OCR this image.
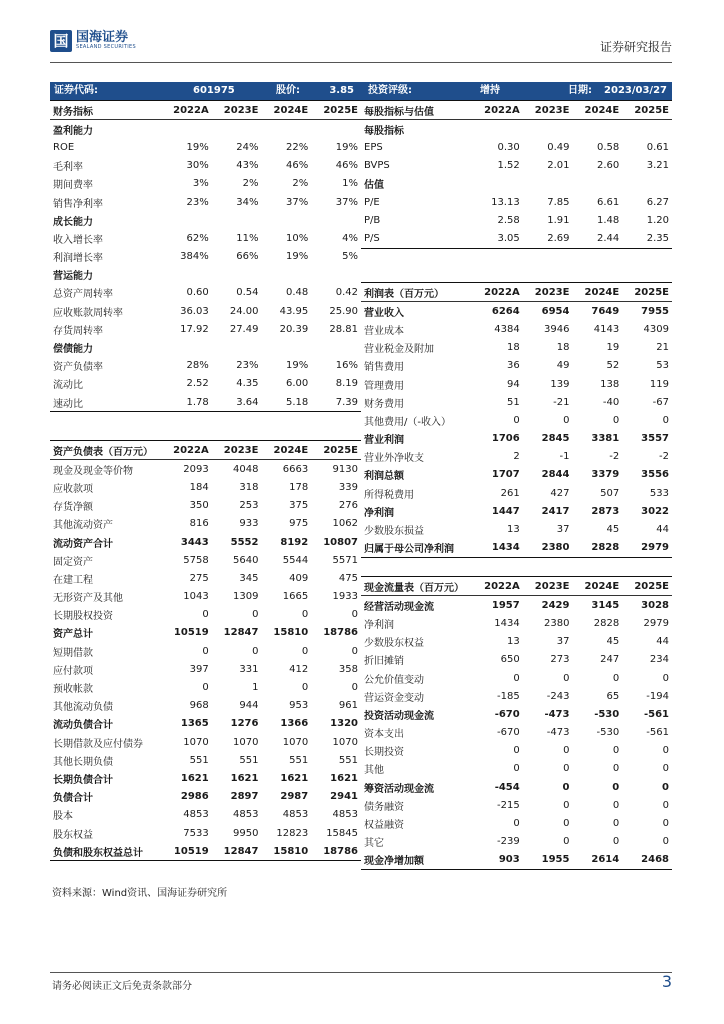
国 国海证券
SEALAND SECURITIES	证券研究报告
证券代码:	601975	股价:	3.85 投资评级:	增持	日期: 2023/03/27
财务指标	2022A	2023E	2024E	2025E
盈利能力				
ROE	19%	24%	22%	19%
毛利率	30%	43%	46%	46%
期间费率	3%	2%	2%	1%
销售净利率	23%	34%	37%	37%
成长能力				
收入增长率	62%	11%	10%	4%
利润增长率	384%	66%	19%	5%
营运能力				
总资产周转率	0.60	0.54	0.48	0.42
应收账款周转率	36.03	24.00	43.95	25.90
存货周转率	17.92	27.49	20.39	28.81
偿债能力				
资产负债率	28%	23%	19%	16%
流动比	2.52	4.35	6.00	8.19
速动比	1.78	3.64	5.18	7.39
资产负债表（百万元）	2022A	2023E	2024E	2025E
现金及现金等价物	2093	4048	6663	9130
应收款项	184	318	178	339
存货净额	350	253	375	276
其他流动资产	816	933	975	1062
流动资产合计	3443	5552	8192	10807
固定资产	5758	5640	5544	5571
在建工程	275	345	409	475
无形资产及其他	1043	1309	1665	1933
长期股权投资	0	0	0	0
资产总计	10519	12847	15810	18786
短期借款	0	0	0	0
应付款项	397	331	412	358
预收帐款	0	1	0	0
其他流动负债	968	944	953	961
流动负债合计	1365	1276	1366	1320
长期借款及应付债券	1070	1070	1070	1070
其他长期负债	551	551	551	551
长期负债合计	1621	1621	1621	1621
负债合计	2986	2897	2987	2941
股本	4853	4853	4853	4853
股东权益	7533	9950	12823	15845
负债和股东权益总计	10519	12847	15810	18786
每股指标与估值	2022A	2023E	2024E	2025E
每股指标				
EPS	0.30	0.49	0.58	0.61
BVPS	1.52	2.01	2.60	3.21
估值				
P/E	13.13	7.85	6.61	6.27
P/B	2.58	1.91	1.48	1.20
P/S	3.05	2.69	2.44	2.35
利润表（百万元）	2022A	2023E	2024E	2025E
营业收入	6264	6954	7649	7955
营业成本	4384	3946	4143	4309
营业税金及附加	18	18	19	21
销售费用	36	49	52	53
管理费用	94	139	138	119
财务费用	51	-21	-40	-67
其他费用/（-收入）	0	0	0	0
营业利润	1706	2845	3381	3557
营业外净收支	2	-1	-2	-2
利润总额	1707	2844	3379	3556
所得税费用	261	427	507	533
净利润	1447	2417	2873	3022
少数股东损益	13	37	45	44
归属于母公司净利润	1434	2380	2828	2979
现金流量表（百万元）	2022A	2023E	2024E	2025E
经营活动现金流	1957	2429	3145	3028
净利润	1434	2380	2828	2979
少数股东权益	13	37	45	44
折旧摊销	650	273	247	234
公允价值变动	0	0	0	0
营运资金变动	-185	-243	65	-194
投资活动现金流	-670	-473	-530	-561
资本支出	-670	-473	-530	-561
长期投资	0	0	0	0
其他	0	0	0	0
筹资活动现金流	-454	0	0	0
债务融资	-215	0	0	0
权益融资	0	0	0	0
其它	-239	0	0	0
现金净增加额	903	1955	2614	2468
资料来源：Wind资讯、国海证券研究所
请务必阅读正文后免责条款部分	3
